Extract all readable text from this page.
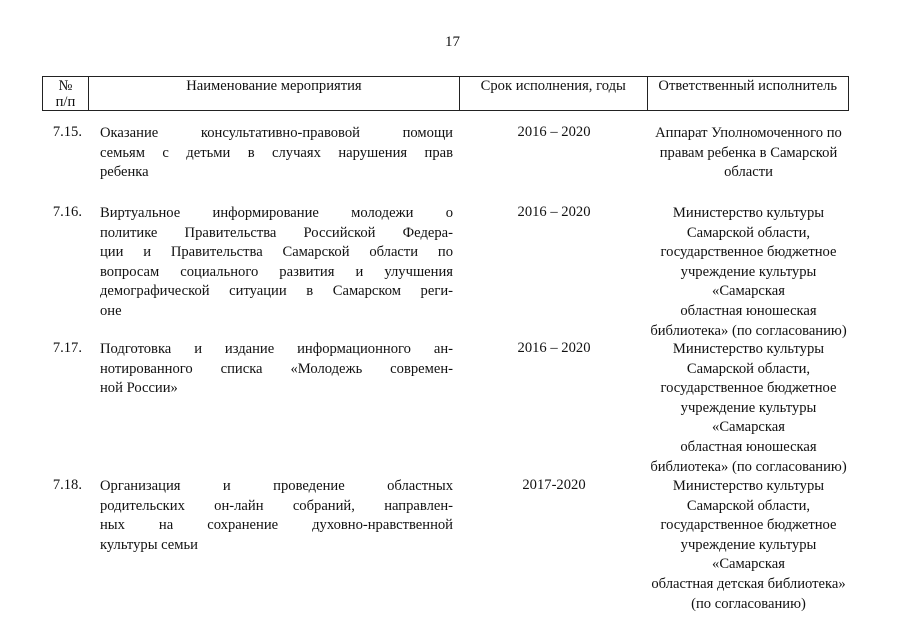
17
№
п/п
Наименование мероприятия	Срок исполнения, годы	Ответственный исполнитель
7.15. Оказание консультативно-правовой помощи
семьям с детьми в случаях нарушения прав
ребенка
2016 – 2020	Аппарат Уполномоченного по
правам ребенка в Самарской
области
7.16. Виртуальное информирование молодежи о
политике Правительства Российской Федера-
ции и Правительства Самарской области по
вопросам социального развития и улучшения
демографической ситуации в Самарском реги-
оне
2016 – 2020	Министерство культуры
Самарской области,
государственное бюджетное
учреждение культуры «Самарская
областная юношеская
библиотека» (по согласованию)
7.17. Подготовка и издание информационного ан-
нотированного списка «Молодежь современ-
ной России»
2016 – 2020	Министерство культуры
Самарской области,
государственное бюджетное
учреждение культуры «Самарская
областная юношеская
библиотека» (по согласованию)
7.18. Организация и проведение областных
родительских он-лайн собраний, направлен-
ных на сохранение духовно-нравственной
культуры семьи
2017-2020	Министерство культуры
Самарской области,
государственное бюджетное
учреждение культуры «Самарская
областная детская библиотека»
(по согласованию)
